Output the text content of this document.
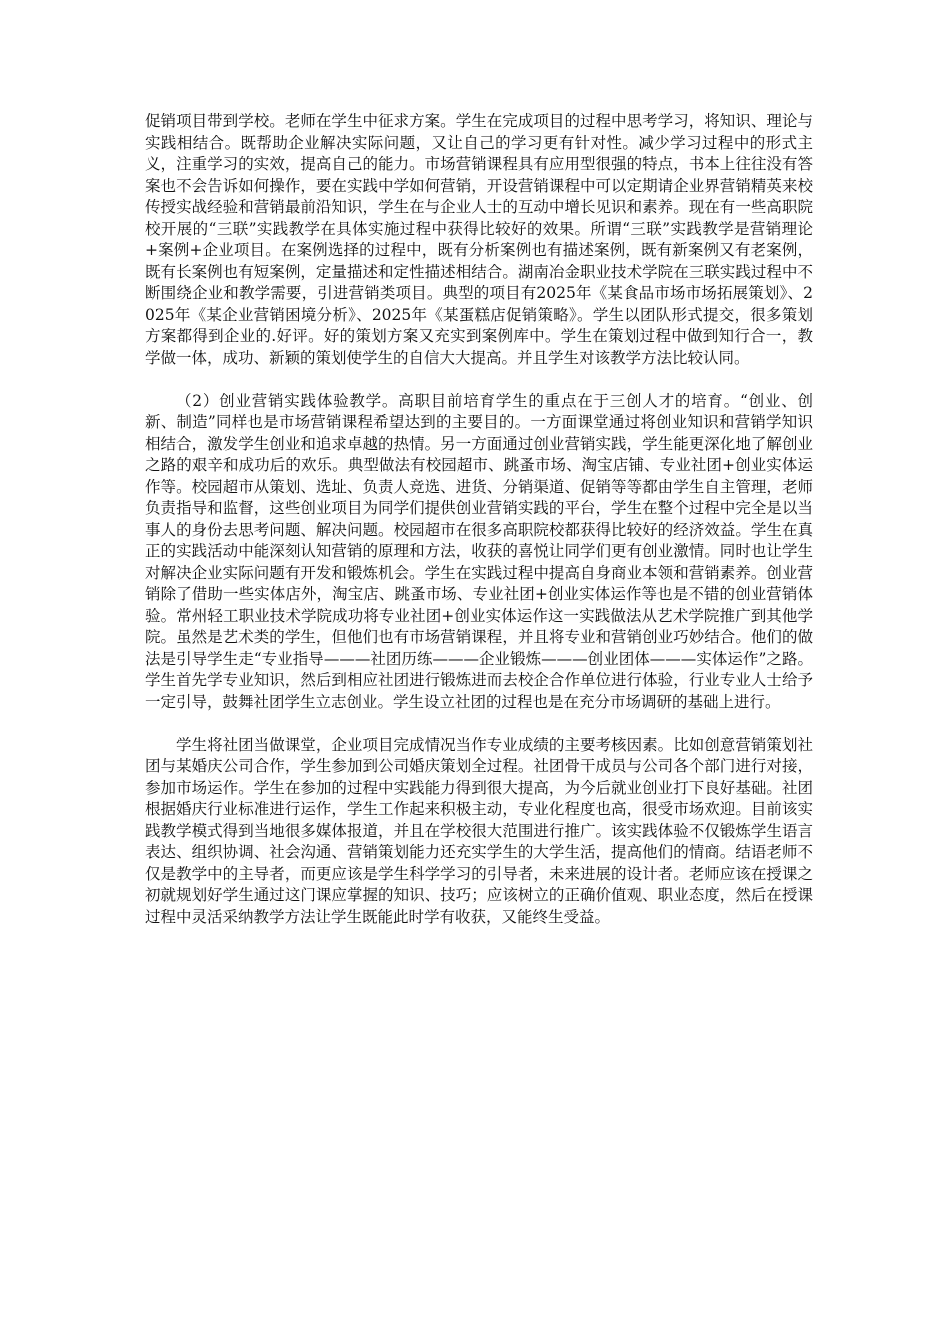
促销项目带到学校。老师在学生中征求方案。学生在完成项目的过程中思考学习，将知识、理论与实践相结合。既帮助企业解决实际问题，又让自己的学习更有针对性。减少学习过程中的形式主义，注重学习的实效，提高自己的能力。市场营销课程具有应用型很强的特点，书本上往往没有答案也不会告诉如何操作，要在实践中学如何营销，开设营销课程中可以定期请企业界营销精英来校传授实战经验和营销最前沿知识，学生在与企业人士的互动中增长见识和素养。现在有一些高职院校开展的“三联”实践教学在具体实施过程中获得比较好的效果。所谓“三联”实践教学是营销理论+案例+企业项目。在案例选择的过程中，既有分析案例也有描述案例，既有新案例又有老案例，既有长案例也有短案例，定量描述和定性描述相结合。湖南冶金职业技术学院在三联实践过程中不断围绕企业和教学需要，引进营销类项目。典型的项目有2025年《某食品市场市场拓展策划》、2025年《某企业营销困境分析》、2025年《某蛋糕店促销策略》。学生以团队形式提交，很多策划方案都得到企业的.好评。好的策划方案又充实到案例库中。学生在策划过程中做到知行合一，教学做一体，成功、新颖的策划使学生的自信大大提高。并且学生对该教学方法比较认同。

（2）创业营销实践体验教学。高职目前培育学生的重点在于三创人才的培育。“创业、创新、制造”同样也是市场营销课程希望达到的主要目的。一方面课堂通过将创业知识和营销学知识相结合，激发学生创业和追求卓越的热情。另一方面通过创业营销实践，学生能更深化地了解创业之路的艰辛和成功后的欢乐。典型做法有校园超市、跳蚤市场、淘宝店铺、专业社团+创业实体运作等。校园超市从策划、选址、负责人竞选、进货、分销渠道、促销等等都由学生自主管理，老师负责指导和监督，这些创业项目为同学们提供创业营销实践的平台，学生在整个过程中完全是以当事人的身份去思考问题、解决问题。校园超市在很多高职院校都获得比较好的经济效益。学生在真正的实践活动中能深刻认知营销的原理和方法，收获的喜悦让同学们更有创业激情。同时也让学生对解决企业实际问题有开发和锻炼机会。学生在实践过程中提高自身商业本领和营销素养。创业营销除了借助一些实体店外，淘宝店、跳蚤市场、专业社团+创业实体运作等也是不错的创业营销体验。常州轻工职业技术学院成功将专业社团+创业实体运作这一实践做法从艺术学院推广到其他学院。虽然是艺术类的学生，但他们也有市场营销课程，并且将专业和营销创业巧妙结合。他们的做法是引导学生走“专业指导———社团历练———企业锻炼———创业团体———实体运作”之路。学生首先学专业知识，然后到相应社团进行锻炼进而去校企合作单位进行体验，行业专业人士给予一定引导，鼓舞社团学生立志创业。学生设立社团的过程也是在充分市场调研的基础上进行。

学生将社团当做课堂，企业项目完成情况当作专业成绩的主要考核因素。比如创意营销策划社团与某婚庆公司合作，学生参加到公司婚庆策划全过程。社团骨干成员与公司各个部门进行对接，参加市场运作。学生在参加的过程中实践能力得到很大提高，为今后就业创业打下良好基础。社团根据婚庆行业标准进行运作，学生工作起来积极主动，专业化程度也高，很受市场欢迎。目前该实践教学模式得到当地很多媒体报道，并且在学校很大范围进行推广。该实践体验不仅锻炼学生语言表达、组织协调、社会沟通、营销策划能力还充实学生的大学生活，提高他们的情商。结语老师不仅是教学中的主导者，而更应该是学生科学学习的引导者，未来进展的设计者。老师应该在授课之初就规划好学生通过这门课应掌握的知识、技巧；应该树立的正确价值观、职业态度，然后在授课过程中灵活采纳教学方法让学生既能此时学有收获，又能终生受益。
